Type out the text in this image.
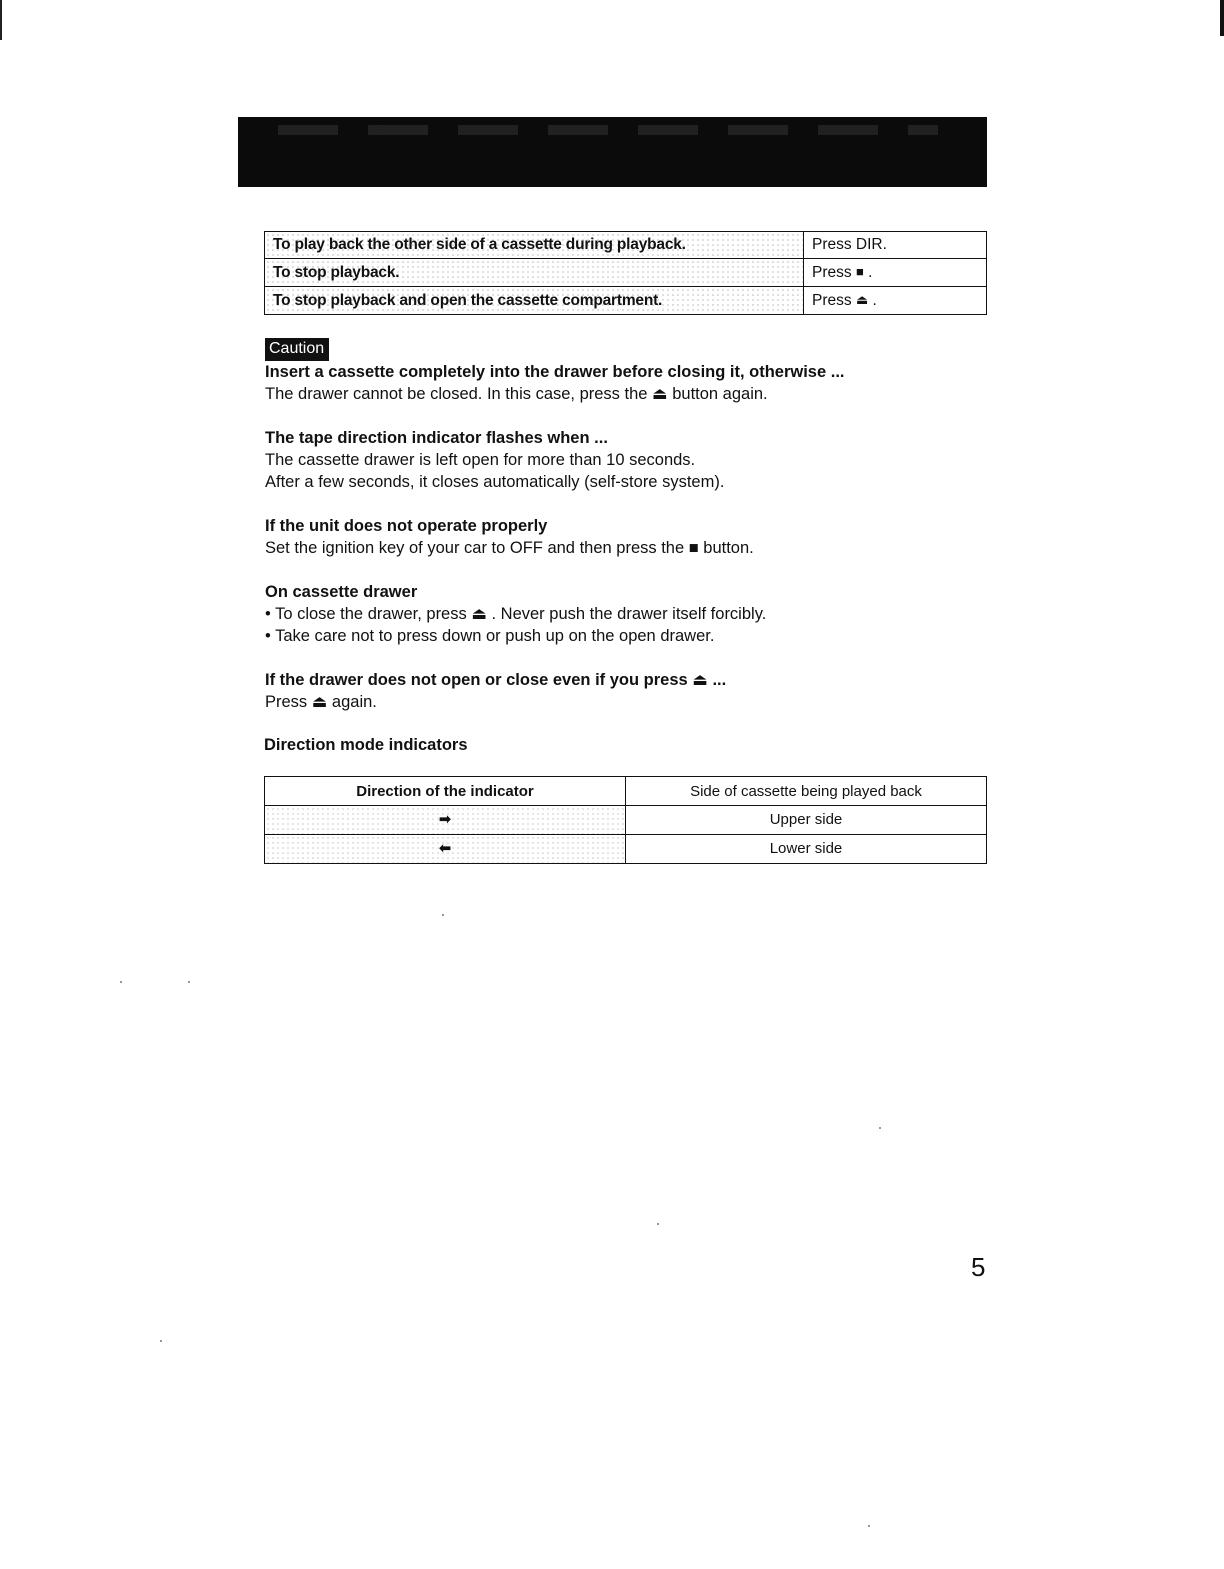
To play back the other side of a cassette during playback.	Press DIR.
To stop playback.	Press ■ .
To stop playback and open the cassette compartment.	Press ⏏ .
Caution

Insert a cassette completely into the drawer before closing it, otherwise ...

The drawer cannot be closed. In this case, press the ⏏ button again.

The tape direction indicator flashes when ...

The cassette drawer is left open for more than 10 seconds.

After a few seconds, it closes automatically (self-store system).

If the unit does not operate properly

Set the ignition key of your car to OFF and then press the ■ button.

On cassette drawer

• To close the drawer, press ⏏ . Never push the drawer itself forcibly.

• Take care not to press down or push up on the open drawer.

If the drawer does not open or close even if you press ⏏ ...

Press ⏏ again.

Direction mode indicators
Direction of the indicator	Side of cassette being played back
➡	Upper side
⬅	Lower side
5
